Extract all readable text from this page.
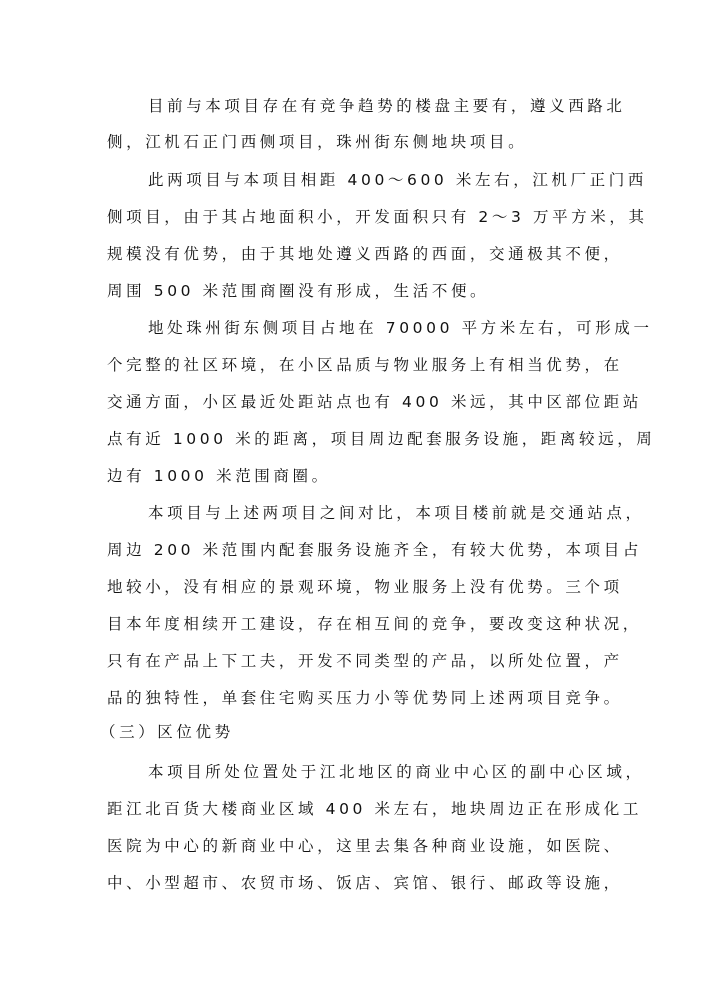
目前与本项目存在有竞争趋势的楼盘主要有，遵义西路北

侧，江机石正门西侧项目，珠州街东侧地块项目。

此两项目与本项目相距 400～600 米左右，江机厂正门西

侧项目，由于其占地面积小，开发面积只有 2～3 万平方米，其

规模没有优势，由于其地处遵义西路的西面，交通极其不便，

周围 500 米范围商圈没有形成，生活不便。

地处珠州街东侧项目占地在 70000 平方米左右，可形成一

个完整的社区环境，在小区品质与物业服务上有相当优势，在

交通方面，小区最近处距站点也有 400 米远，其中区部位距站

点有近 1000 米的距离，项目周边配套服务设施，距离较远，周

边有 1000 米范围商圈。

本项目与上述两项目之间对比，本项目楼前就是交通站点，

周边 200 米范围内配套服务设施齐全，有较大优势，本项目占

地较小，没有相应的景观环境，物业服务上没有优势。三个项

目本年度相续开工建设，存在相互间的竞争，要改变这种状况，

只有在产品上下工夫，开发不同类型的产品，以所处位置，产

品的独特性，单套住宅购买压力小等优势同上述两项目竞争。

（三）区位优势

本项目所处位置处于江北地区的商业中心区的副中心区域，

距江北百货大楼商业区域 400 米左右，地块周边正在形成化工

医院为中心的新商业中心，这里去集各种商业设施，如医院、

中、小型超市、农贸市场、饭店、宾馆、银行、邮政等设施，
